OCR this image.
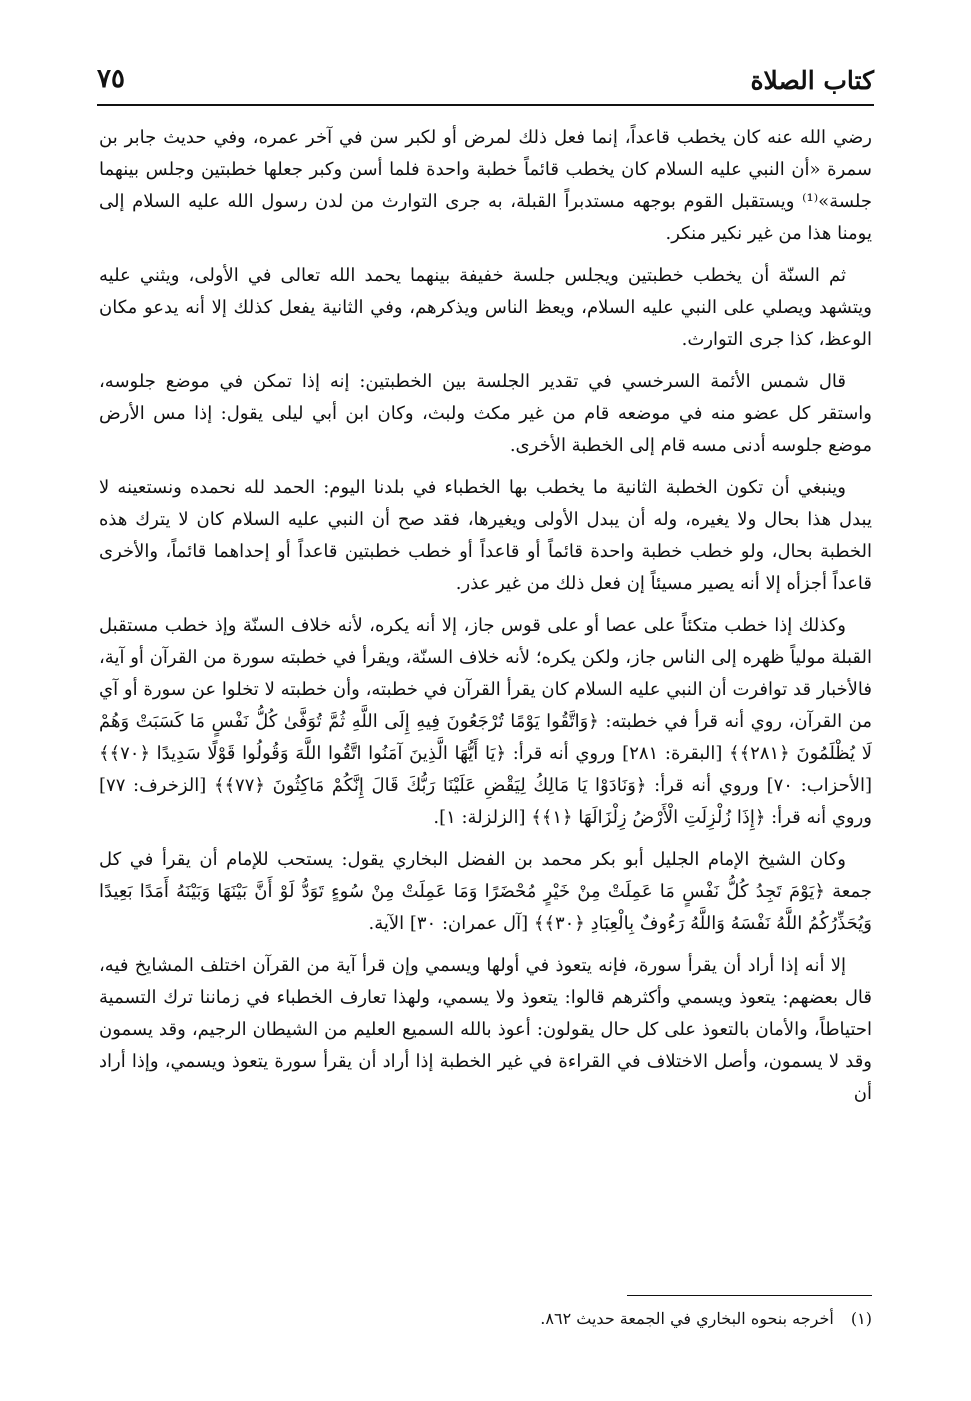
كتاب الصلاة
٧٥

رضي الله عنه كان يخطب قاعداً، إنما فعل ذلك لمرض أو لكبر سن في آخر عمره، وفي حديث جابر بن سمرة «أن النبي عليه السلام كان يخطب قائماً خطبة واحدة فلما أسن وكبر جعلها خطبتين وجلس بينهما جلسة»⁽¹⁾ ويستقبل القوم بوجهه مستدبراً القبلة، به جرى التوارث من لدن رسول الله عليه السلام إلى يومنا هذا من غير نكير منكر.

ثم السنّة أن يخطب خطبتين ويجلس جلسة خفيفة بينهما يحمد الله تعالى في الأولى، ويثني عليه ويتشهد ويصلي على النبي عليه السلام، ويعظ الناس ويذكرهم، وفي الثانية يفعل كذلك إلا أنه يدعو مكان الوعظ، كذا جرى التوارث.

قال شمس الأئمة السرخسي في تقدير الجلسة بين الخطبتين: إنه إذا تمكن في موضع جلوسه، واستقر كل عضو منه في موضعه قام من غير مكث ولبث، وكان ابن أبي ليلى يقول: إذا مس الأرض موضع جلوسه أدنى مسه قام إلى الخطبة الأخرى.

وينبغي أن تكون الخطبة الثانية ما يخطب بها الخطباء في بلدنا اليوم: الحمد لله نحمده ونستعينه لا يبدل هذا بحال ولا يغيره، وله أن يبدل الأولى ويغيرها، فقد صح أن النبي عليه السلام كان لا يترك هذه الخطبة بحال، ولو خطب خطبة واحدة قائماً أو قاعداً أو خطب خطبتين قاعداً أو إحداهما قائماً، والأخرى قاعداً أجزأه إلا أنه يصير مسيئاً إن فعل ذلك من غير عذر.

وكذلك إذا خطب متكئاً على عصا أو على قوس جاز، إلا أنه يكره، لأنه خلاف السنّة وإذ خطب مستقبل القبلة مولياً ظهره إلى الناس جاز، ولكن يكره؛ لأنه خلاف السنّة، ويقرأ في خطبته سورة من القرآن أو آية، فالأخبار قد توافرت أن النبي عليه السلام كان يقرأ القرآن في خطبته، وأن خطبته لا تخلوا عن سورة أو آي من القرآن، روي أنه قرأ في خطبته: ﴿وَاتَّقُوا يَوْمًا تُرْجَعُونَ فِيهِ إِلَى اللَّهِ ثُمَّ تُوَفَّىٰ كُلُّ نَفْسٍ مَا كَسَبَتْ وَهُمْ لَا يُظْلَمُونَ ﴿٢٨١﴾﴾ [البقرة: ٢٨١] وروي أنه قرأ: ﴿يَا أَيُّهَا الَّذِينَ آمَنُوا اتَّقُوا اللَّهَ وَقُولُوا قَوْلًا سَدِيدًا ﴿٧٠﴾﴾ [الأحزاب: ٧٠] وروي أنه قرأ: ﴿وَنَادَوْا يَا مَالِكُ لِيَقْضِ عَلَيْنَا رَبُّكَ قَالَ إِنَّكُمْ مَاكِثُونَ ﴿٧٧﴾﴾ [الزخرف: ٧٧] وروي أنه قرأ: ﴿إِذَا زُلْزِلَتِ الْأَرْضُ زِلْزَالَهَا ﴿١﴾﴾ [الزلزلة: ١].

وكان الشيخ الإمام الجليل أبو بكر محمد بن الفضل البخاري يقول: يستحب للإمام أن يقرأ في كل جمعة ﴿يَوْمَ تَجِدُ كُلُّ نَفْسٍ مَا عَمِلَتْ مِنْ خَيْرٍ مُحْضَرًا وَمَا عَمِلَتْ مِنْ سُوءٍ تَوَدُّ لَوْ أَنَّ بَيْنَهَا وَبَيْنَهُ أَمَدًا بَعِيدًا وَيُحَذِّرُكُمُ اللَّهُ نَفْسَهُ وَاللَّهُ رَءُوفٌ بِالْعِبَادِ ﴿٣٠﴾﴾ [آل عمران: ٣٠] الآية.

إلا أنه إذا أراد أن يقرأ سورة، فإنه يتعوذ في أولها ويسمي وإن قرأ آية من القرآن اختلف المشايخ فيه، قال بعضهم: يتعوذ ويسمي وأكثرهم قالوا: يتعوذ ولا يسمي، ولهذا تعارف الخطباء في زماننا ترك التسمية احتياطاً، والأمان بالتعوذ على كل حال يقولون: أعوذ بالله السميع العليم من الشيطان الرجيم، وقد يسمون وقد لا يسمون، وأصل الاختلاف في القراءة في غير الخطبة إذا أراد أن يقرأ سورة يتعوذ ويسمي، وإذا أراد أن

(١) أخرجه بنحوه البخاري في الجمعة حديث ٨٦٢.
